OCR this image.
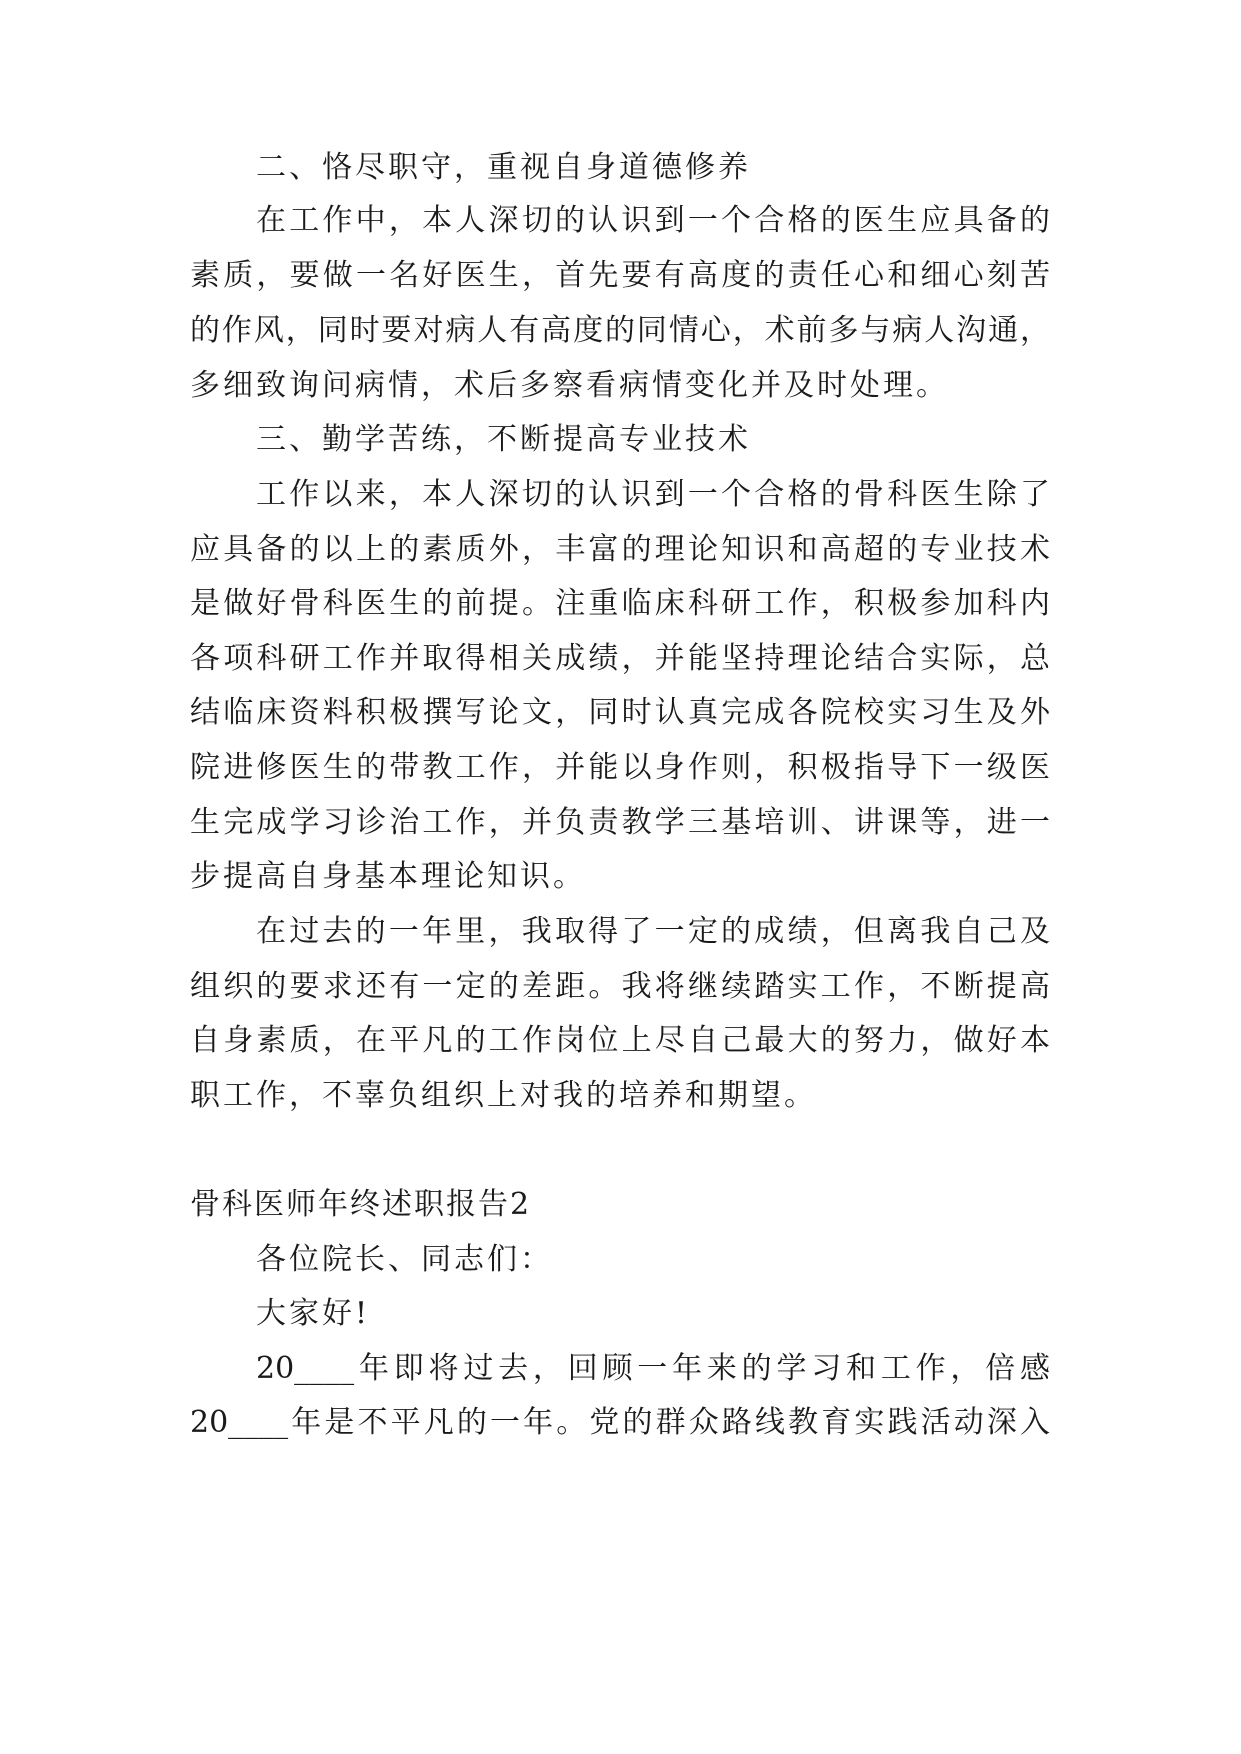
二、恪尽职守，重视自身道德修养
在工作中，本人深切的认识到一个合格的医生应具备的
素质，要做一名好医生，首先要有高度的责任心和细心刻苦
的作风，同时要对病人有高度的同情心，术前多与病人沟通，
多细致询问病情，术后多察看病情变化并及时处理。
三、勤学苦练，不断提高专业技术
工作以来，本人深切的认识到一个合格的骨科医生除了
应具备的以上的素质外，丰富的理论知识和高超的专业技术
是做好骨科医生的前提。注重临床科研工作，积极参加科内
各项科研工作并取得相关成绩，并能坚持理论结合实际，总
结临床资料积极撰写论文，同时认真完成各院校实习生及外
院进修医生的带教工作，并能以身作则，积极指导下一级医
生完成学习诊治工作，并负责教学三基培训、讲课等，进一
步提高自身基本理论知识。
在过去的一年里，我取得了一定的成绩，但离我自己及
组织的要求还有一定的差距。我将继续踏实工作，不断提高
自身素质，在平凡的工作岗位上尽自己最大的努力，做好本
职工作，不辜负组织上对我的培养和期望。
骨科医师年终述职报告2
各位院长、同志们：
大家好!
20____年即将过去，回顾一年来的学习和工作，倍感
20____年是不平凡的一年。党的群众路线教育实践活动深入
